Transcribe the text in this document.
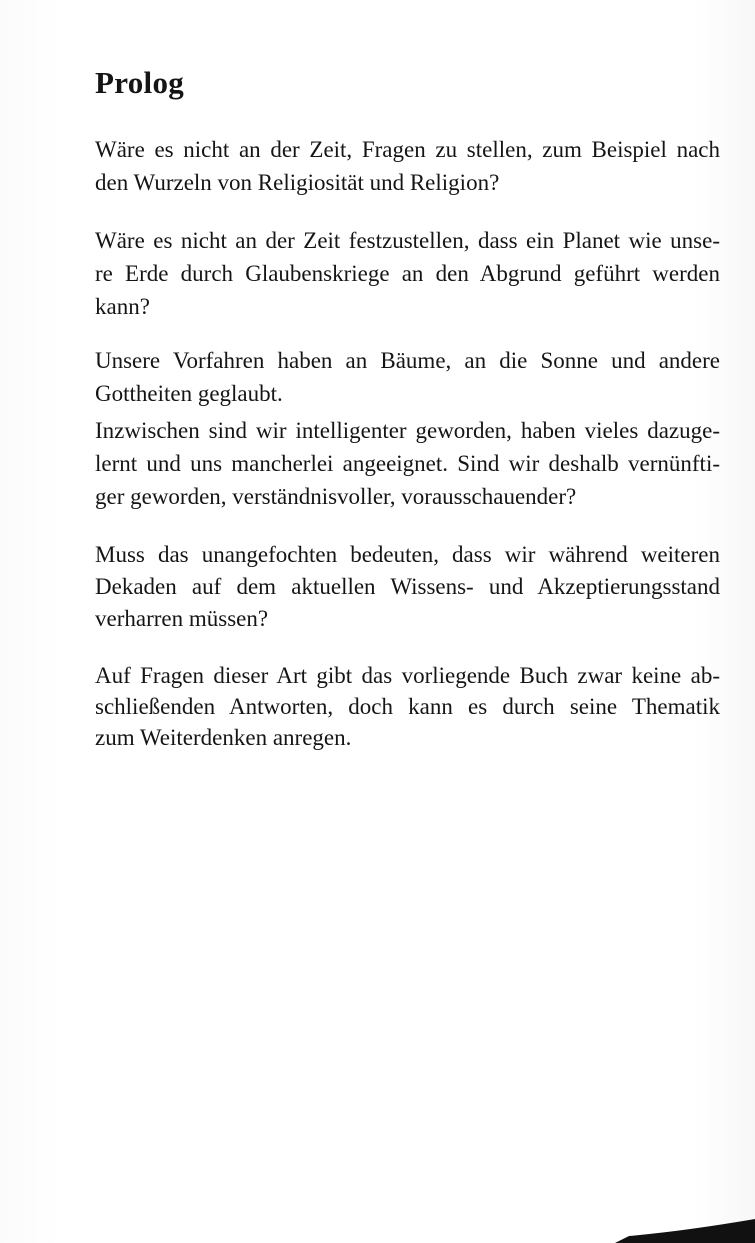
Prolog

Wäre es nicht an der Zeit, Fragen zu stellen, zum Beispiel nach

den Wurzeln von Religiosität und Religion?

Wäre es nicht an der Zeit festzustellen, dass ein Planet wie unse-

re Erde durch Glaubenskriege an den Abgrund geführt werden

kann?

Unsere Vorfahren haben an Bäume, an die Sonne und andere

Gottheiten geglaubt.

Inzwischen sind wir intelligenter geworden, haben vieles dazuge-

lernt und uns mancherlei angeeignet. Sind wir deshalb vernünfti-

ger geworden, verständnisvoller, vorausschauender?

Muss das unangefochten bedeuten, dass wir während weiteren

Dekaden auf dem aktuellen Wissens- und Akzeptierungsstand

verharren müssen?

Auf Fragen dieser Art gibt das vorliegende Buch zwar keine ab-

schließenden Antworten, doch kann es durch seine Thematik

zum Weiterdenken anregen.
